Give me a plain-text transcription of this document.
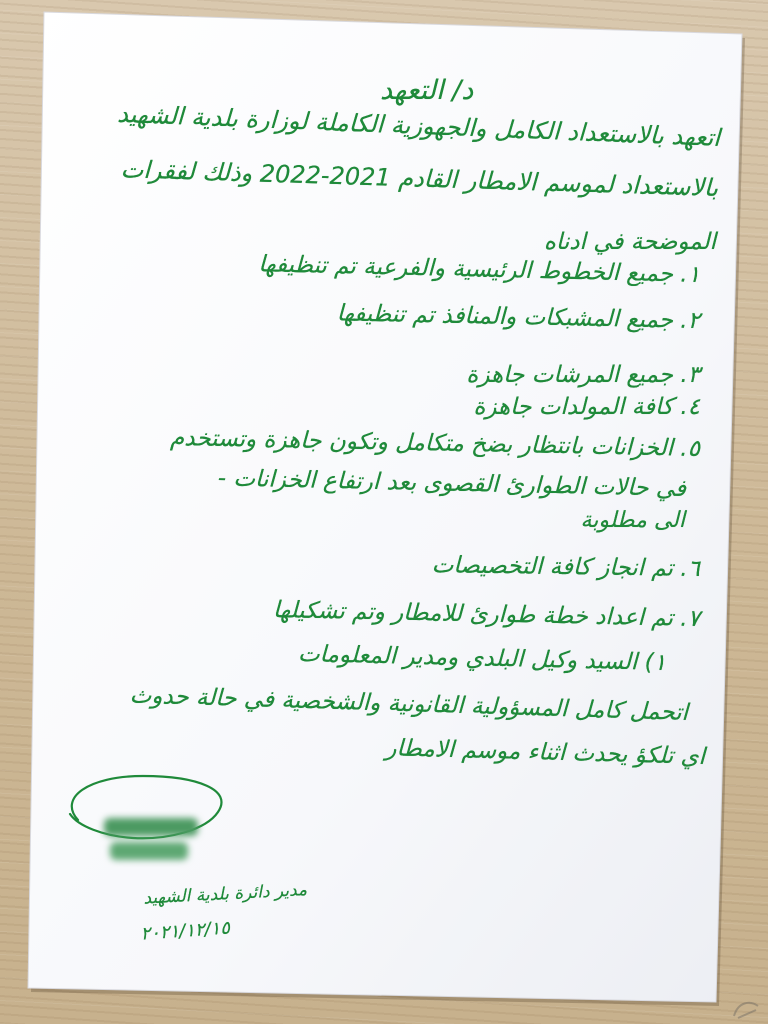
د/ التعهد
اتعهد بالاستعداد الكامل والجهوزية الكاملة لوزارة بلدية الشهيد
بالاستعداد لموسم الامطار القادم 2021-2022 وذلك لفقرات
الموضحة في ادناه
١. جميع الخطوط الرئيسية والفرعية تم تنظيفها
٢. جميع المشبكات والمنافذ تم تنظيفها
٣. جميع المرشات جاهزة
٤. كافة المولدات جاهزة
٥. الخزانات بانتظار بضخ متكامل وتكون جاهزة وتستخدم
في حالات الطوارئ القصوى بعد ارتفاع الخزانات -
الى مطلوبة
٦. تم انجاز كافة التخصيصات
٧. تم اعداد خطة طوارئ للامطار وتم تشكيلها
١) السيد وكيل البلدي ومدير المعلومات
اتحمل كامل المسؤولية القانونية والشخصية في حالة حدوث
اي تلكؤ يحدث اثناء موسم الامطار
مدير دائرة بلدية الشهيد
٢٠٢١/١٢/١٥
